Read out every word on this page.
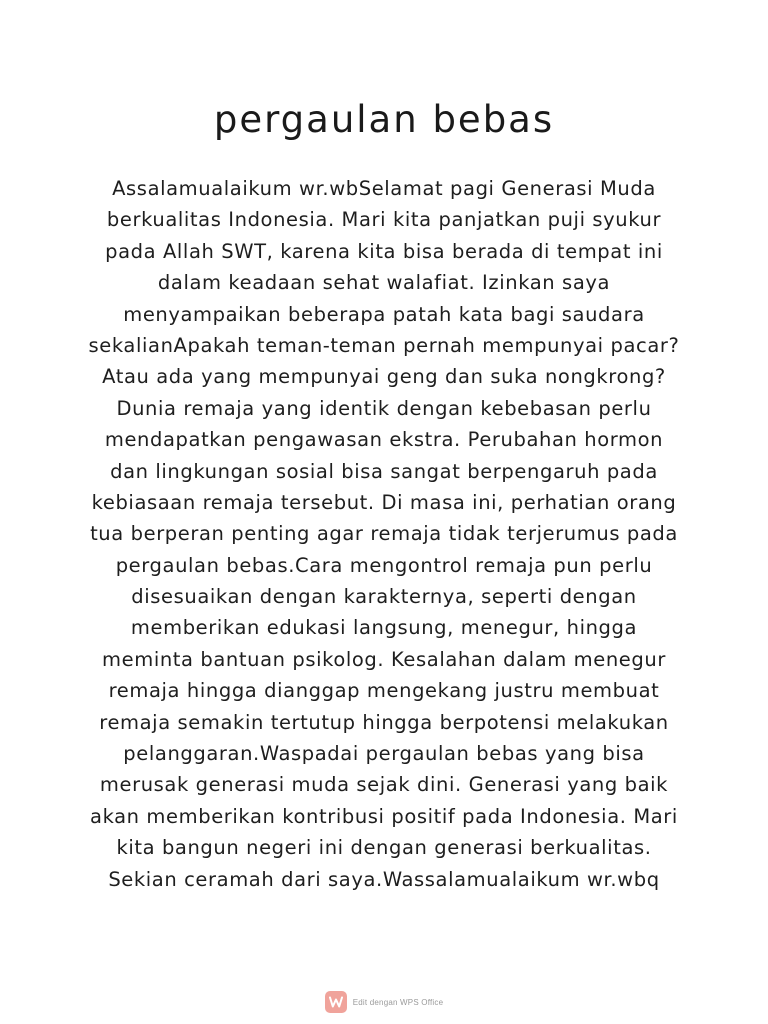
pergaulan bebas
Assalamualaikum wr.wbSelamat pagi Generasi Muda
berkualitas Indonesia. Mari kita panjatkan puji syukur
pada Allah SWT, karena kita bisa berada di tempat ini
dalam keadaan sehat walafiat. Izinkan saya
menyampaikan beberapa patah kata bagi saudara
sekalianApakah teman-teman pernah mempunyai pacar?
Atau ada yang mempunyai geng dan suka nongkrong?
Dunia remaja yang identik dengan kebebasan perlu
mendapatkan pengawasan ekstra. Perubahan hormon
dan lingkungan sosial bisa sangat berpengaruh pada
kebiasaan remaja tersebut. Di masa ini, perhatian orang
tua berperan penting agar remaja tidak terjerumus pada
pergaulan bebas.Cara mengontrol remaja pun perlu
disesuaikan dengan karakternya, seperti dengan
memberikan edukasi langsung, menegur, hingga
meminta bantuan psikolog. Kesalahan dalam menegur
remaja hingga dianggap mengekang justru membuat
remaja semakin tertutup hingga berpotensi melakukan
pelanggaran.Waspadai pergaulan bebas yang bisa
merusak generasi muda sejak dini. Generasi yang baik
akan memberikan kontribusi positif pada Indonesia. Mari
kita bangun negeri ini dengan generasi berkualitas.
Sekian ceramah dari saya.Wassalamualaikum wr.wbq
Edit dengan WPS Office
